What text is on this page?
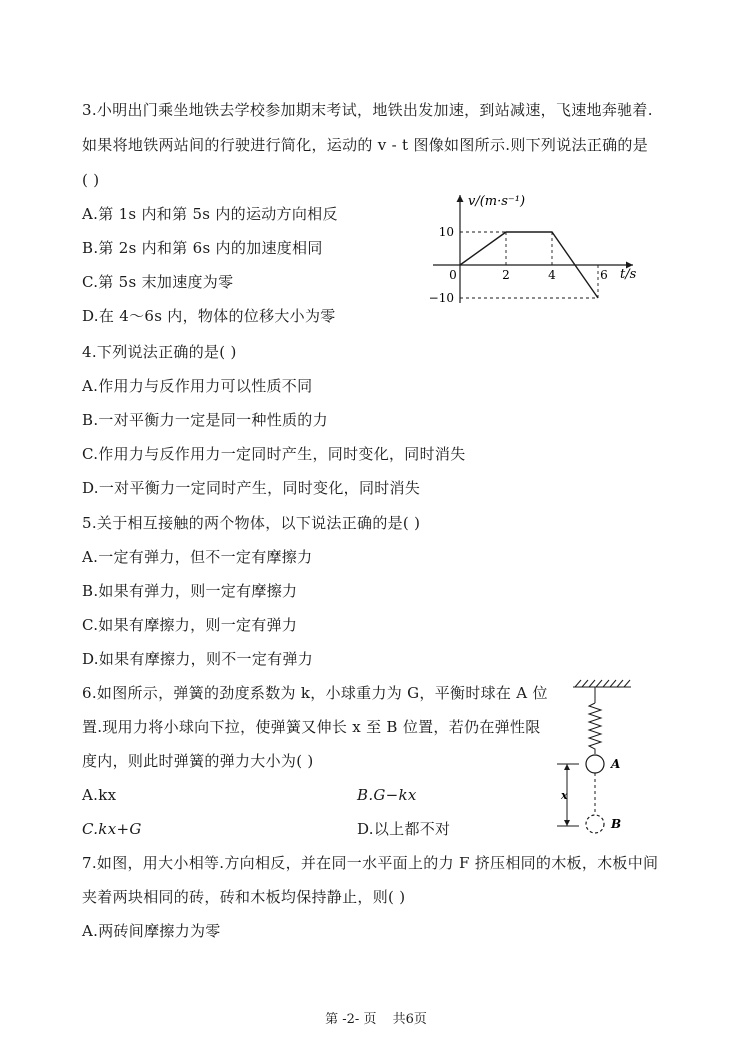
3.小明出门乘坐地铁去学校参加期末考试，地铁出发加速，到站减速，飞速地奔驰着.
如果将地铁两站间的行驶进行简化，运动的 v - t 图像如图所示.则下列说法正确的是
( )
A.第 1s 内和第 5s 内的运动方向相反
B.第 2s 内和第 6s 内的加速度相同
C.第 5s 末加速度为零
D.在 4～6s 内，物体的位移大小为零
0	2	4	6
10
−10
v/(m·s⁻¹)
t/s
4.下列说法正确的是( )
A.作用力与反作用力可以性质不同
B.一对平衡力一定是同一种性质的力
C.作用力与反作用力一定同时产生，同时变化，同时消失
D.一对平衡力一定同时产生，同时变化，同时消失
5.关于相互接触的两个物体，以下说法正确的是( )
A.一定有弹力，但不一定有摩擦力
B.如果有弹力，则一定有摩擦力
C.如果有摩擦力，则一定有弹力
D.如果有摩擦力，则不一定有弹力
6.如图所示，弹簧的劲度系数为 k，小球重力为 G，平衡时球在 A 位
置.现用力将小球向下拉，使弹簧又伸长 x 至 B 位置，若仍在弹性限
度内，则此时弹簧的弹力大小为( )
A.kx	B.G−kx
C.kx+G	D.以上都不对
x
A
B
7.如图，用大小相等.方向相反，并在同一水平面上的力 F 挤压相同的木板，木板中间
夹着两块相同的砖，砖和木板均保持静止，则( )
A.两砖间摩擦力为零
第 -2- 页 共6页
